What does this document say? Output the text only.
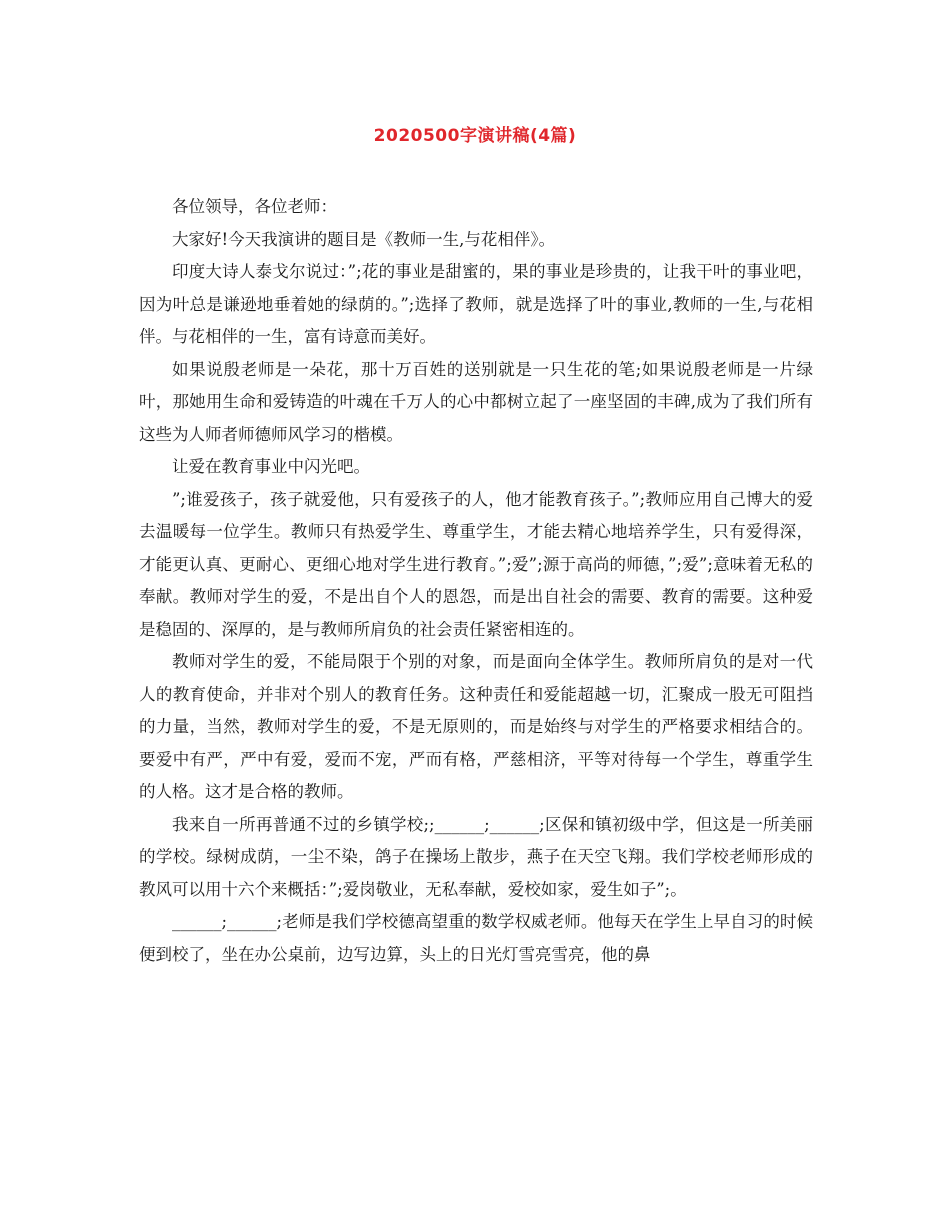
2020500字演讲稿(4篇)

各位领导，各位老师：

大家好!今天我演讲的题目是《教师一生,与花相伴》。

印度大诗人泰戈尔说过：”;花的事业是甜蜜的，果的事业是珍贵的，让我干叶的事业吧，因为叶总是谦逊地垂着她的绿荫的。”;选择了教师，就是选择了叶的事业,教师的一生,与花相伴。与花相伴的一生，富有诗意而美好。

如果说殷老师是一朵花，那十万百姓的送别就是一只生花的笔;如果说殷老师是一片绿叶，那她用生命和爱铸造的叶魂在千万人的心中都树立起了一座坚固的丰碑,成为了我们所有这些为人师者师德师风学习的楷模。

让爱在教育事业中闪光吧。

”;谁爱孩子，孩子就爱他，只有爱孩子的人，他才能教育孩子。”;教师应用自己博大的爱去温暖每一位学生。教师只有热爱学生、尊重学生，才能去精心地培养学生，只有爱得深，才能更认真、更耐心、更细心地对学生进行教育。”;爱”;源于高尚的师德，”;爱”;意味着无私的奉献。教师对学生的爱，不是出自个人的恩怨，而是出自社会的需要、教育的需要。这种爱是稳固的、深厚的，是与教师所肩负的社会责任紧密相连的。

教师对学生的爱，不能局限于个别的对象，而是面向全体学生。教师所肩负的是对一代人的教育使命，并非对个别人的教育任务。这种责任和爱能超越一切，汇聚成一股无可阻挡的力量，当然，教师对学生的爱，不是无原则的，而是始终与对学生的严格要求相结合的。要爱中有严，严中有爱，爱而不宠，严而有格，严慈相济，平等对待每一个学生，尊重学生的人格。这才是合格的教师。

我来自一所再普通不过的乡镇学校;;______;______;区保和镇初级中学，但这是一所美丽的学校。绿树成荫，一尘不染，鸽子在操场上散步，燕子在天空飞翔。我们学校老师形成的教风可以用十六个来概括：”;爱岗敬业，无私奉献，爱校如家，爱生如子”;。

______;______;老师是我们学校德高望重的数学权威老师。他每天在学生上早自习的时候便到校了，坐在办公桌前，边写边算，头上的日光灯雪亮雪亮，他的鼻
